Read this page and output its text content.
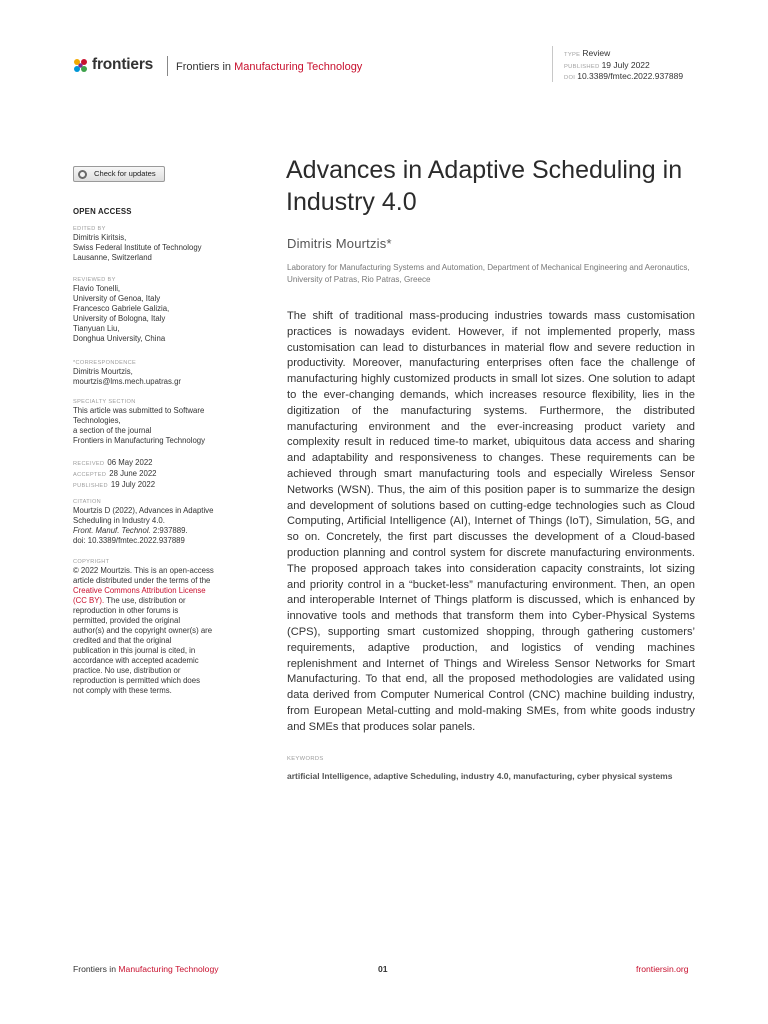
frontiers Frontiers in Manufacturing Technology
TYPE Review
PUBLISHED 19 July 2022
DOI 10.3389/fmtec.2022.937889
Check for updates
OPEN ACCESS
EDITED BY
Dimitris Kiritsis,
Swiss Federal Institute of Technology
Lausanne, Switzerland
REVIEWED BY
Flavio Tonelli,
University of Genoa, Italy
Francesco Gabriele Galizia,
University of Bologna, Italy
Tianyuan Liu,
Donghua University, China
*CORRESPONDENCE
Dimitris Mourtzis,
mourtzis@lms.mech.upatras.gr
SPECIALTY SECTION
This article was submitted to Software
Technologies,
a section of the journal
Frontiers in Manufacturing Technology
RECEIVED 06 May 2022
ACCEPTED 28 June 2022
PUBLISHED 19 July 2022
CITATION
Mourtzis D (2022), Advances in Adaptive
Scheduling in Industry 4.0.
Front. Manuf. Technol. 2:937889.
doi: 10.3389/fmtec.2022.937889
COPYRIGHT
© 2022 Mourtzis. This is an open-access
article distributed under the terms of the
Creative Commons Attribution License
(CC BY). The use, distribution or
reproduction in other forums is
permitted, provided the original
author(s) and the copyright owner(s) are
credited and that the original
publication in this journal is cited, in
accordance with accepted academic
practice. No use, distribution or
reproduction is permitted which does
not comply with these terms.
Advances in Adaptive Scheduling in Industry 4.0
Dimitris Mourtzis*
Laboratory for Manufacturing Systems and Automation, Department of Mechanical Engineering and Aeronautics, University of Patras, Rio Patras, Greece
The shift of traditional mass-producing industries towards mass customisation practices is nowadays evident. However, if not implemented properly, mass customisation can lead to disturbances in material flow and severe reduction in productivity. Moreover, manufacturing enterprises often face the challenge of manufacturing highly customized products in small lot sizes. One solution to adapt to the ever-changing demands, which increases resource flexibility, lies in the digitization of the manufacturing systems. Furthermore, the distributed manufacturing environment and the ever-increasing product variety and complexity result in reduced time-to market, ubiquitous data access and sharing and adaptability and responsiveness to changes. These requirements can be achieved through smart manufacturing tools and especially Wireless Sensor Networks (WSN). Thus, the aim of this position paper is to summarize the design and development of solutions based on cutting-edge technologies such as Cloud Computing, Artificial Intelligence (AI), Internet of Things (IoT), Simulation, 5G, and so on. Concretely, the first part discusses the development of a Cloud-based production planning and control system for discrete manufacturing environments. The proposed approach takes into consideration capacity constraints, lot sizing and priority control in a “bucket-less” manufacturing environment. Then, an open and interoperable Internet of Things platform is discussed, which is enhanced by innovative tools and methods that transform them into Cyber-Physical Systems (CPS), supporting smart customized shopping, through gathering customers’ requirements, adaptive production, and logistics of vending machines replenishment and Internet of Things and Wireless Sensor Networks for Smart Manufacturing. To that end, all the proposed methodologies are validated using data derived from Computer Numerical Control (CNC) machine building industry, from European Metal-cutting and mold-making SMEs, from white goods industry and SMEs that produces solar panels.
KEYWORDS
artificial Intelligence, adaptive Scheduling, industry 4.0, manufacturing, cyber physical systems
Frontiers in Manufacturing Technology	01	frontiersin.org
